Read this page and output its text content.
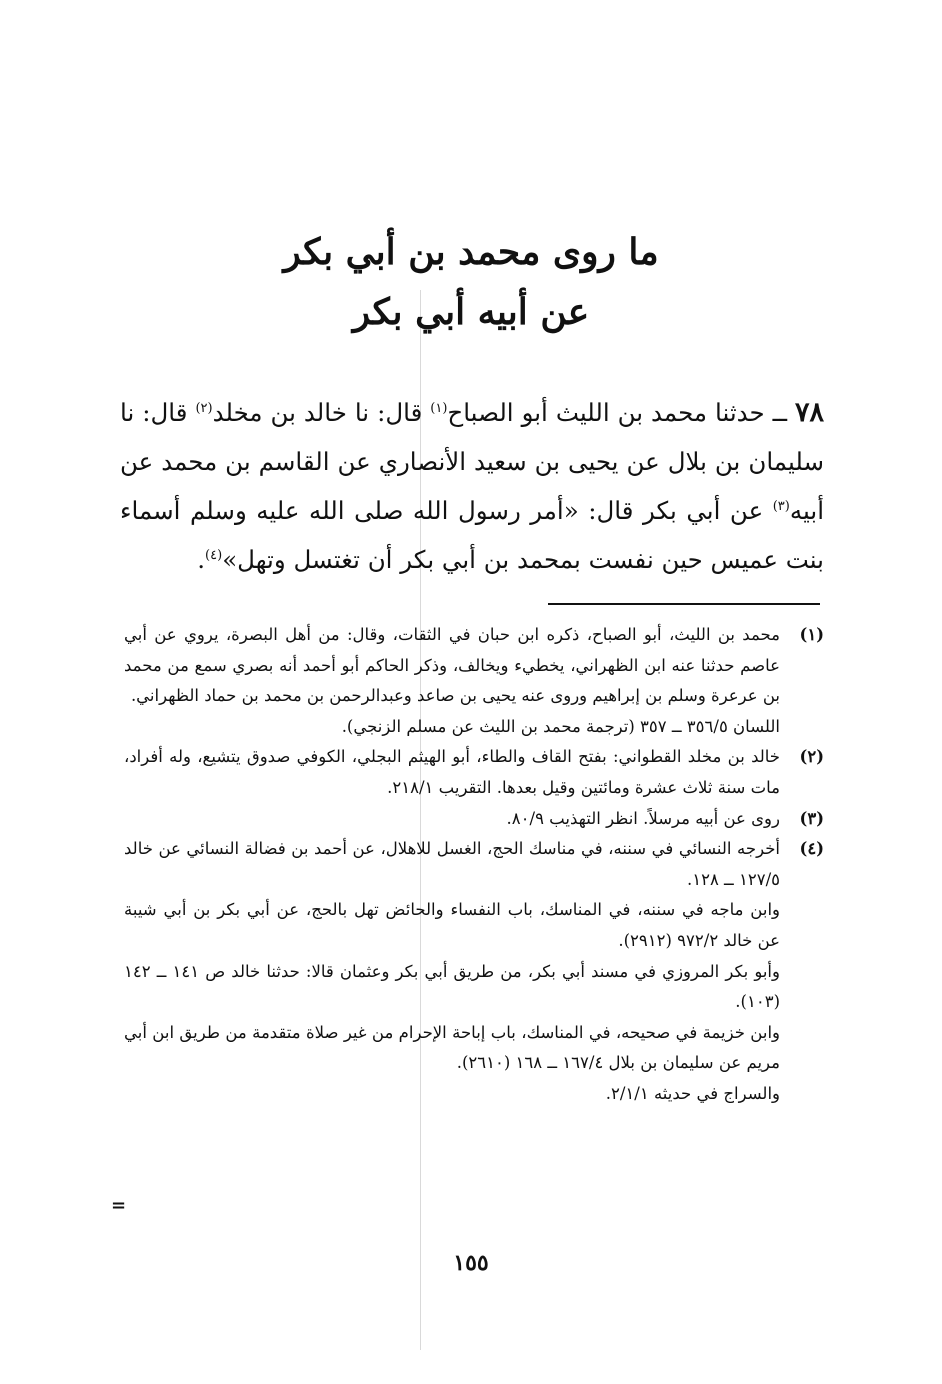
ما روى محمد بن أبي بكر
عن أبيه أبي بكر
٧٨ ــ حدثنا محمد بن الليث أبو الصباح$^{(١)}$ قال: نا خالد بن مخلد$^{(٢)}$ قال: نا سليمان بن بلال عن يحيى بن سعيد الأنصاري عن القاسم بن محمد عن أبيه$^{(٣)}$ عن أبي بكر قال: «أمر رسول الله صلى الله عليه وسلم أسماء بنت عميس حين نفست بمحمد بن أبي بكر أن تغتسل وتهل»$^{(٤)}$.
(١)
محمد بن الليث، أبو الصباح، ذكره ابن حبان في الثقات، وقال: من أهل البصرة، يروي عن أبي عاصم حدثنا عنه ابن الظهراني، يخطيء ويخالف، وذكر الحاكم أبو أحمد أنه بصري سمع من محمد بن عرعرة وسلم بن إبراهيم وروى عنه يحيى بن صاعد وعبدالرحمن بن محمد بن حماد الظهراني.
اللسان ٣٥٦/٥ ــ ٣٥٧ (ترجمة محمد بن الليث عن مسلم الزنجي).
(٢)
خالد بن مخلد القطواني: بفتح القاف والطاء، أبو الهيثم البجلي، الكوفي صدوق يتشيع، وله أفراد، مات سنة ثلاث عشرة ومائتين وقيل بعدها. التقريب ٢١٨/١.
(٣)
روى عن أبيه مرسلاً. انظر التهذيب ٨٠/٩.
(٤)
أخرجه النسائي في سننه، في مناسك الحج، الغسل للاهلال، عن أحمد بن فضالة النسائي عن خالد ١٢٧/٥ ــ ١٢٨.
وابن ماجه في سننه، في المناسك، باب النفساء والحائض تهل بالحج، عن أبي بكر بن أبي شيبة عن خالد ٩٧٢/٢ (٢٩١٢).
وأبو بكر المروزي في مسند أبي بكر، من طريق أبي بكر وعثمان قالا: حدثنا خالد ص ١٤١ ــ ١٤٢ (١٠٣).
وابن خزيمة في صحيحه، في المناسك، باب إباحة الإحرام من غير صلاة متقدمة من طريق ابن أبي مريم عن سليمان بن بلال ١٦٧/٤ ــ ١٦٨ (٢٦١٠).
والسراج في حديثه ٢/١/١.
=
١٥٥
